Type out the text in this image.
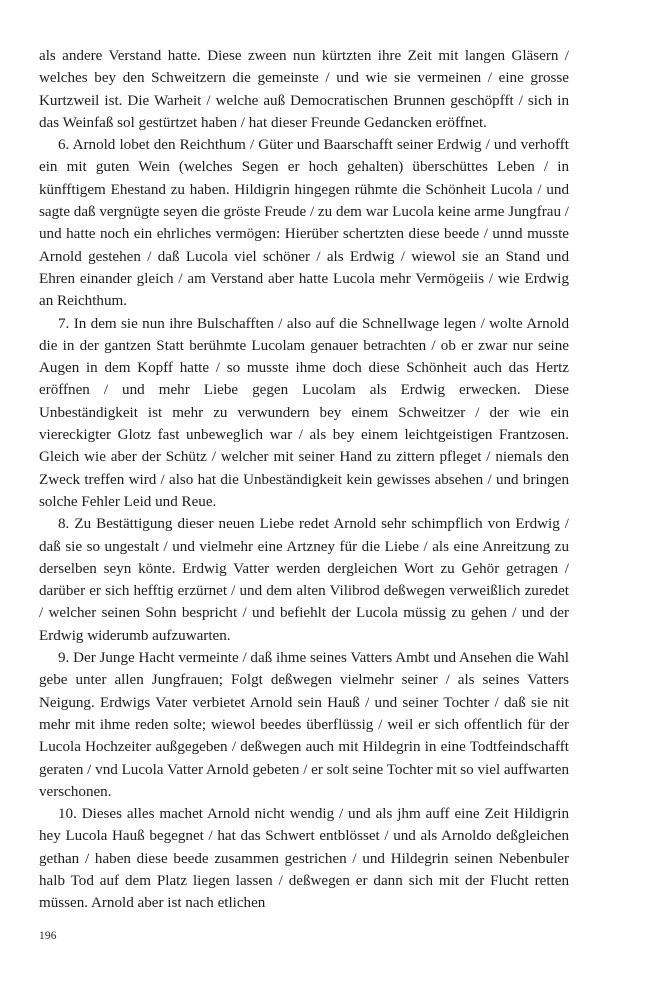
als andere Verstand hatte. Diese zween nun kürtzten ihre Zeit mit langen Gläsern / welches bey den Schweitzern die gemeinste / und wie sie vermeinen / eine grosse Kurtzweil ist. Die Warheit / welche auß Democratischen Brunnen geschöpfft / sich in das Weinfaß sol gestürtzet haben / hat dieser Freunde Gedancken eröffnet.

6. Arnold lobet den Reichthum / Güter und Baarschafft seiner Erdwig / und verhofft ein mit guten Wein (welches Segen er hoch gehalten) überschüttes Leben / in künfftigem Ehestand zu haben. Hildigrin hingegen rühmte die Schönheit Lucola / und sagte daß vergnügte seyen die gröste Freude / zu dem war Lucola keine arme Jungfrau / und hatte noch ein ehrliches vermögen: Hierüber schertzten diese beede / unnd musste Arnold gestehen / daß Lucola viel schöner / als Erdwig / wiewol sie an Stand und Ehren einander gleich / am Verstand aber hatte Lucola mehr Vermögeiis / wie Erdwig an Reichthum.

7. In dem sie nun ihre Bulschafften / also auf die Schnellwage legen / wolte Arnold die in der gantzen Statt berühmte Lucolam genauer betrachten / ob er zwar nur seine Augen in dem Kopff hatte / so musste ihme doch diese Schönheit auch das Hertz eröffnen / und mehr Liebe gegen Lucolam als Erdwig erwecken. Diese Unbeständigkeit ist mehr zu verwundern bey einem Schweitzer / der wie ein viereckigter Glotz fast unbeweglich war / als bey einem leichtgeistigen Frantzosen. Gleich wie aber der Schütz / welcher mit seiner Hand zu zittern pfleget / niemals den Zweck treffen wird / also hat die Unbeständigkeit kein gewisses absehen / und bringen solche Fehler Leid und Reue.

8. Zu Bestättigung dieser neuen Liebe redet Arnold sehr schimpflich von Erdwig / daß sie so ungestalt / und vielmehr eine Artzney für die Liebe / als eine Anreitzung zu derselben seyn könte. Erdwig Vatter werden dergleichen Wort zu Gehör getragen / darüber er sich hefftig erzürnet / und dem alten Vilibrod deßwegen verweißlich zuredet / welcher seinen Sohn bespricht / und befiehlt der Lucola müssig zu gehen / und der Erdwig widerumb aufzuwarten.

9. Der Junge Hacht vermeinte / daß ihme seines Vatters Ambt und Ansehen die Wahl gebe unter allen Jungfrauen; Folgt deßwegen vielmehr seiner / als seines Vatters Neigung. Erdwigs Vater verbietet Arnold sein Hauß / und seiner Tochter / daß sie nit mehr mit ihme reden solte; wiewol beedes überflüssig / weil er sich offentlich für der Lucola Hochzeiter außgegeben / deßwegen auch mit Hildegrin in eine Todtfeindschafft geraten / vnd Lucola Vatter Arnold gebeten / er solt seine Tochter mit so viel auffwarten verschonen.

10. Dieses alles machet Arnold nicht wendig / und als jhm auff eine Zeit Hildigrin hey Lucola Hauß begegnet / hat das Schwert entblösset / und als Arnoldo deßgleichen gethan / haben diese beede zusammen gestrichen / und Hildegrin seinen Nebenbuler halb Tod auf dem Platz liegen lassen / deßwegen er dann sich mit der Flucht retten müssen. Arnold aber ist nach etlichen

196
